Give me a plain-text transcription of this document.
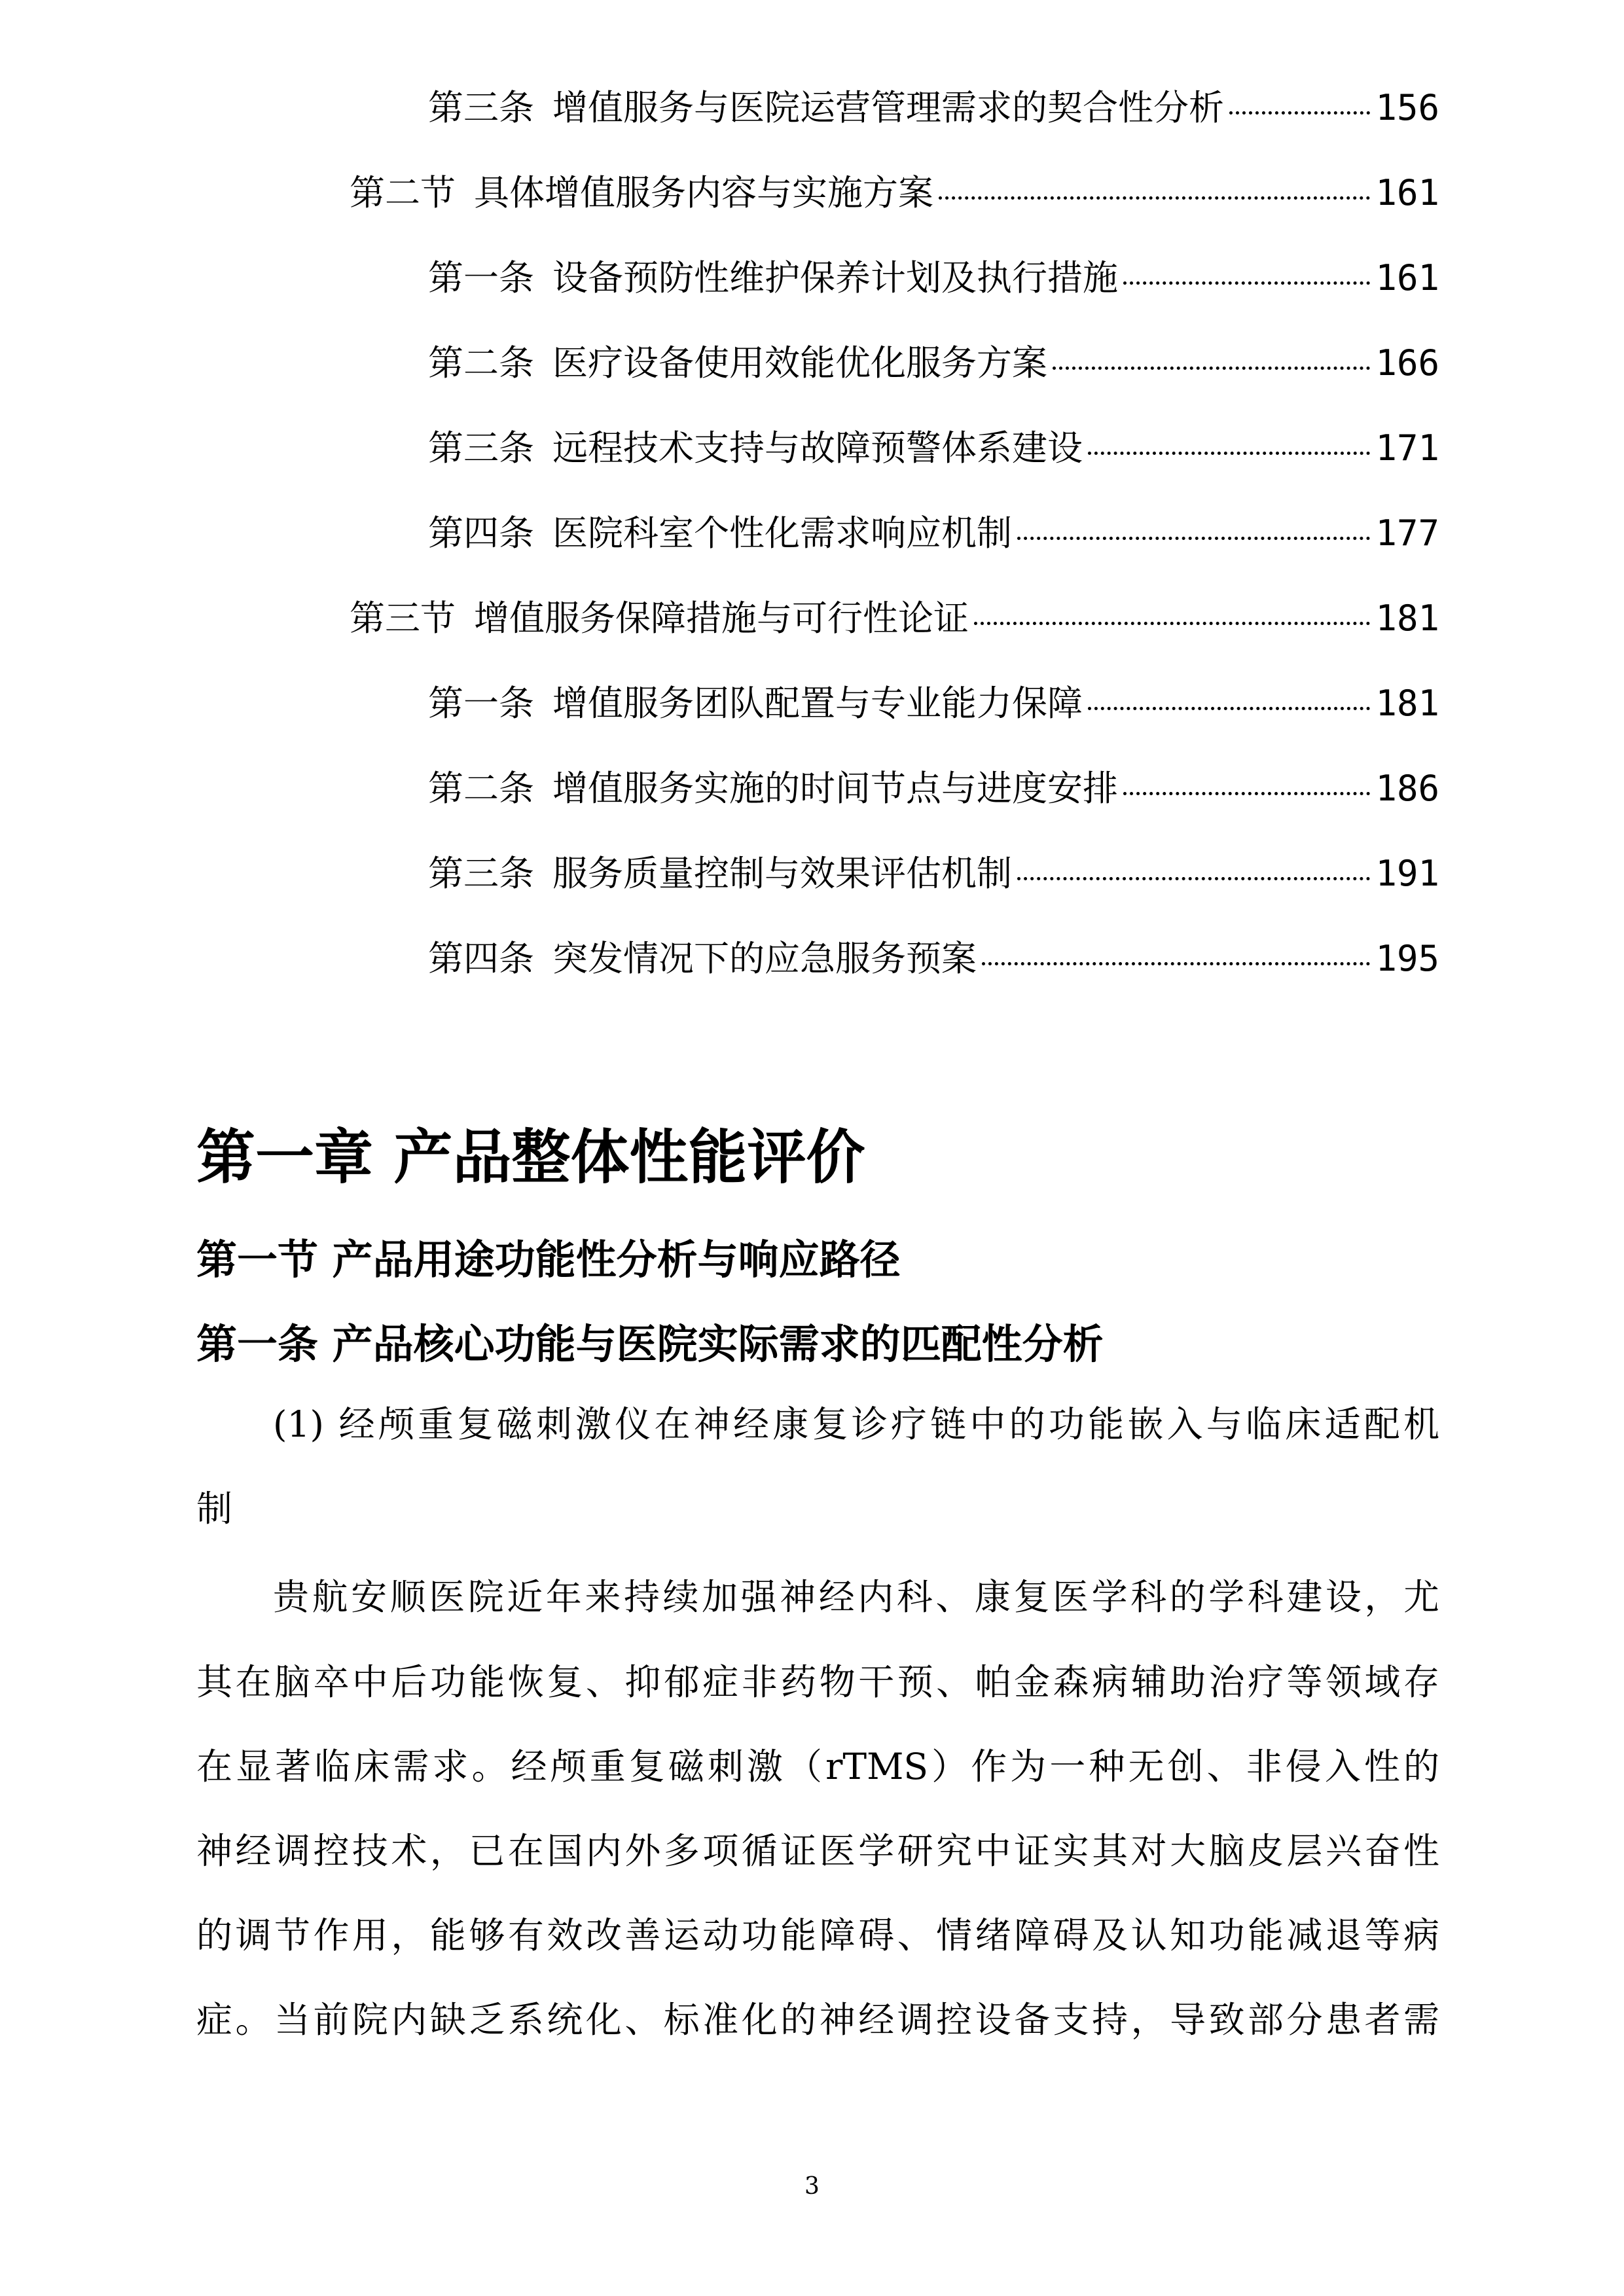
第三条 增值服务与医院运营管理需求的契合性分析	156
第二节 具体增值服务内容与实施方案	161
第一条 设备预防性维护保养计划及执行措施	161
第二条 医疗设备使用效能优化服务方案	166
第三条 远程技术支持与故障预警体系建设	171
第四条 医院科室个性化需求响应机制	177
第三节 增值服务保障措施与可行性论证	181
第一条 增值服务团队配置与专业能力保障	181
第二条 增值服务实施的时间节点与进度安排	186
第三条 服务质量控制与效果评估机制	191
第四条 突发情况下的应急服务预案	195
第一章 产品整体性能评价
第一节 产品用途功能性分析与响应路径
第一条 产品核心功能与医院实际需求的匹配性分析
(1) 经颅重复磁刺激仪在神经康复诊疗链中的功能嵌入与临床适配机
制
贵航安顺医院近年来持续加强神经内科、康复医学科的学科建设，尤
其在脑卒中后功能恢复、抑郁症非药物干预、帕金森病辅助治疗等领域存
在显著临床需求。经颅重复磁刺激（rTMS）作为一种无创、非侵入性的
神经调控技术，已在国内外多项循证医学研究中证实其对大脑皮层兴奋性
的调节作用，能够有效改善运动功能障碍、情绪障碍及认知功能减退等病
症。当前院内缺乏系统化、标准化的神经调控设备支持，导致部分患者需
3
